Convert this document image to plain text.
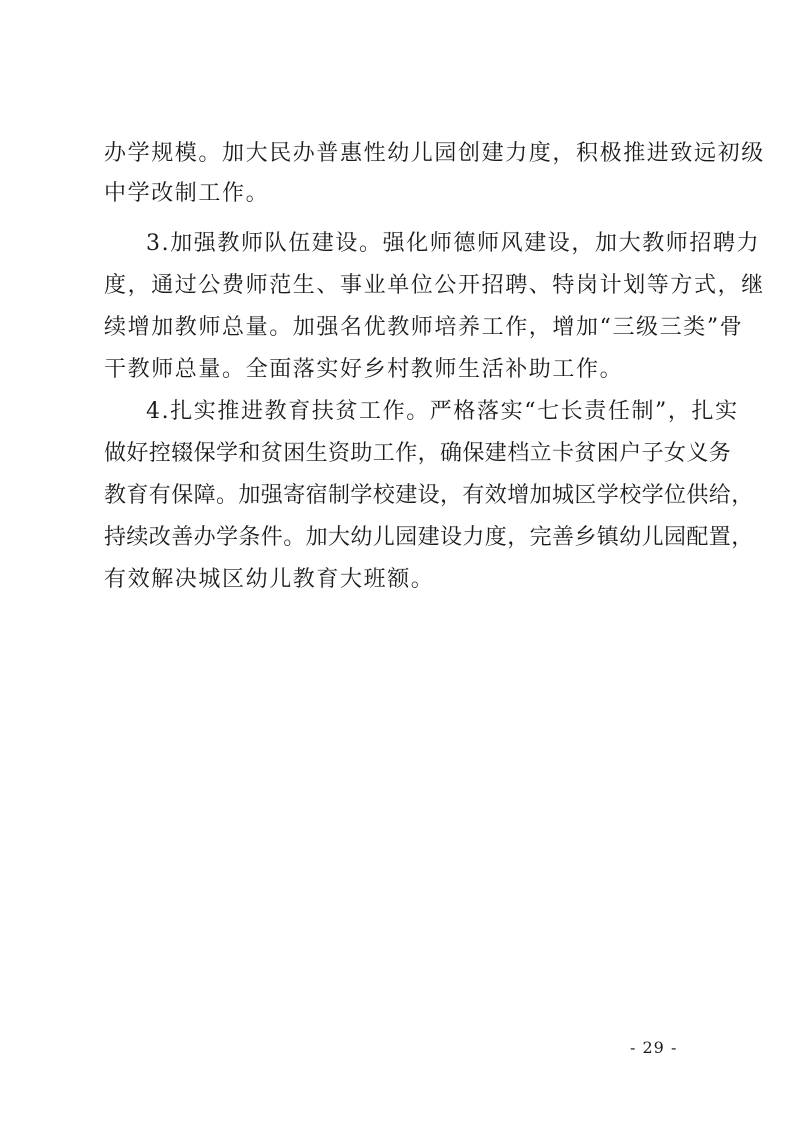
办学规模。加大民办普惠性幼儿园创建力度，积极推进致远初级
中学改制工作。
3.加强教师队伍建设。强化师德师风建设，加大教师招聘力
度，通过公费师范生、事业单位公开招聘、特岗计划等方式，继
续增加教师总量。加强名优教师培养工作，增加“三级三类”骨
干教师总量。全面落实好乡村教师生活补助工作。
4.扎实推进教育扶贫工作。严格落实“七长责任制”，扎实
做好控辍保学和贫困生资助工作，确保建档立卡贫困户子女义务
教育有保障。加强寄宿制学校建设，有效增加城区学校学位供给，
持续改善办学条件。加大幼儿园建设力度，完善乡镇幼儿园配置，
有效解决城区幼儿教育大班额。
- 29 -
